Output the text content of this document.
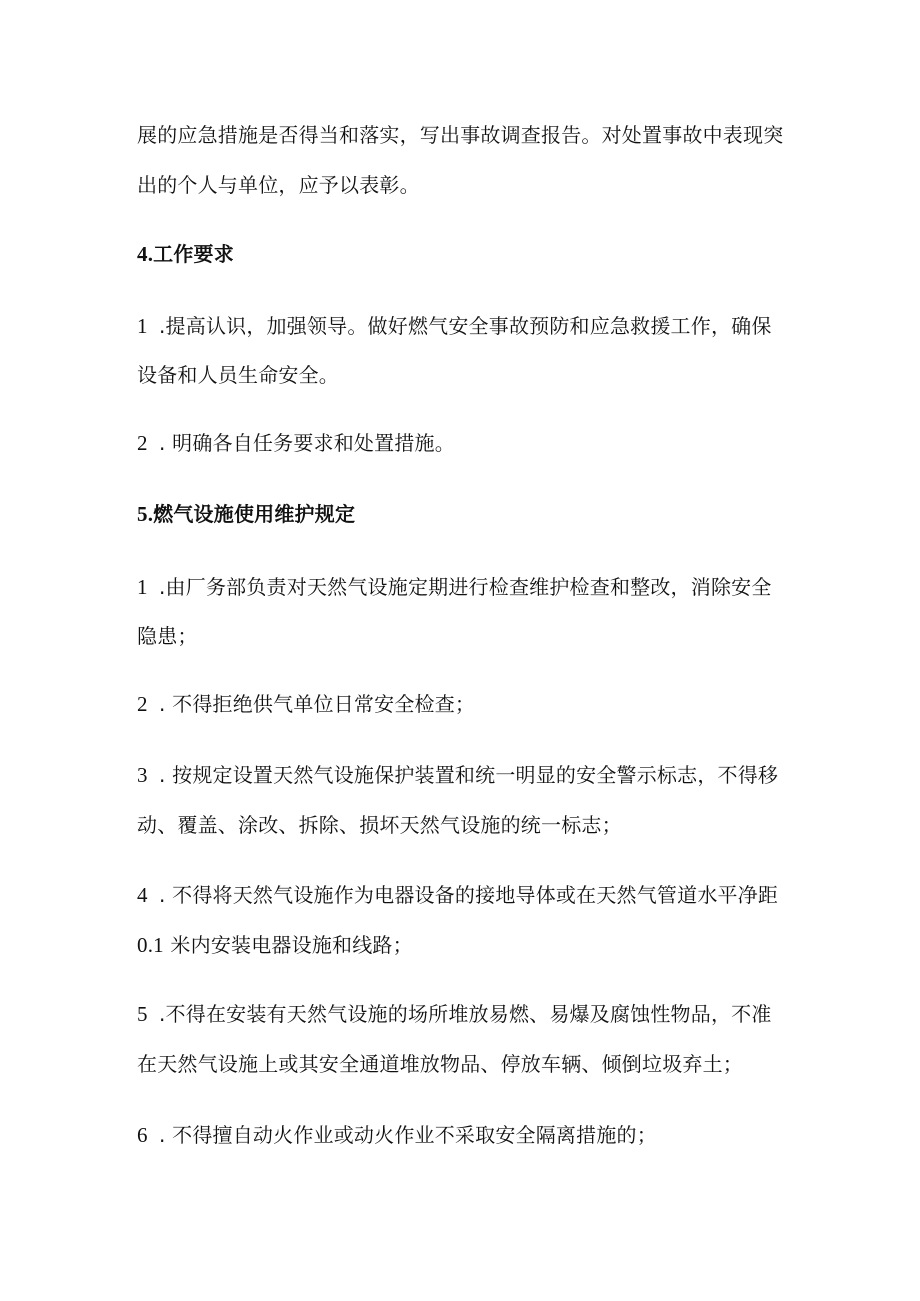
展的应急措施是否得当和落实，写出事故调查报告。对处置事故中表现突
出的个人与单位，应予以表彰。
4.工作要求
1 .提高认识，加强领导。做好燃气安全事故预防和应急救援工作，确保
设备和人员生命安全。
2 . 明确各自任务要求和处置措施。
5.燃气设施使用维护规定
1 .由厂务部负责对天然气设施定期进行检查维护检查和整改，消除安全
隐患；
2 . 不得拒绝供气单位日常安全检查；
3 . 按规定设置天然气设施保护装置和统一明显的安全警示标志，不得移
动、覆盖、涂改、拆除、损坏天然气设施的统一标志；
4 . 不得将天然气设施作为电器设备的接地导体或在天然气管道水平净距
0.1 米内安装电器设施和线路；
5 .不得在安装有天然气设施的场所堆放易燃、易爆及腐蚀性物品，不准
在天然气设施上或其安全通道堆放物品、停放车辆、倾倒垃圾弃土；
6 . 不得擅自动火作业或动火作业不采取安全隔离措施的；
